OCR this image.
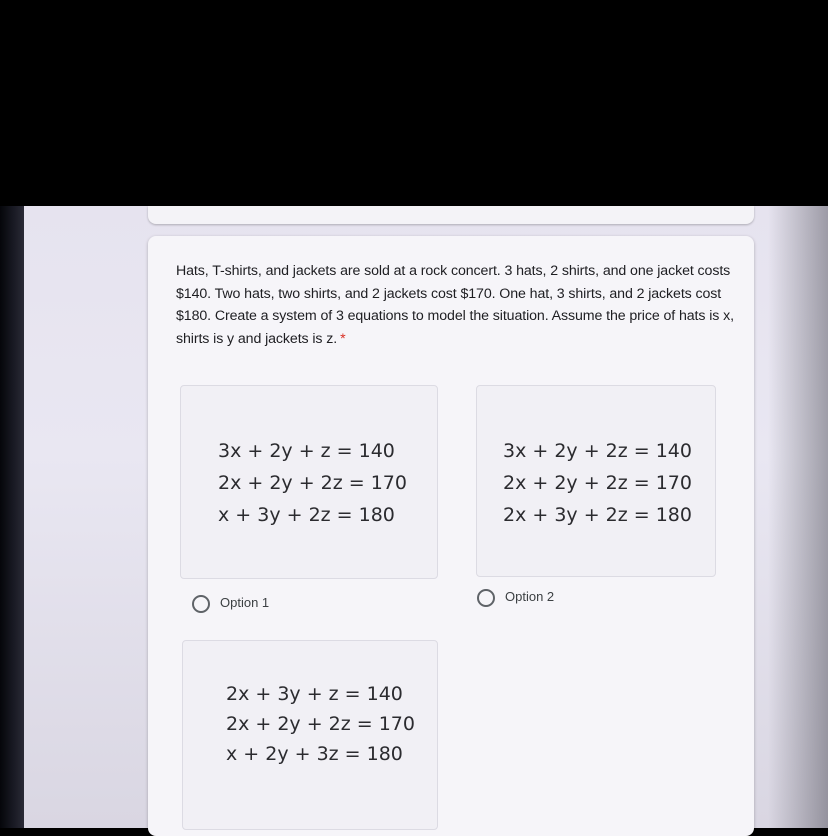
Hats, T-shirts, and jackets are sold at a rock concert. 3 hats, 2 shirts, and one jacket costs $140. Two hats, two shirts, and 2 jackets cost $170. One hat, 3 shirts, and 2 jackets cost $180. Create a system of 3 equations to model the situation. Assume the price of hats is x, shirts is y and jackets is z. *
3x + 2y + z = 140
2x + 2y + 2z = 170
x + 3y + 2z = 180
Option 1
3x + 2y + 2z = 140
2x + 2y + 2z = 170
2x + 3y + 2z = 180
Option 2
2x + 3y + z = 140
2x + 2y + 2z = 170
x + 2y + 3z = 180
